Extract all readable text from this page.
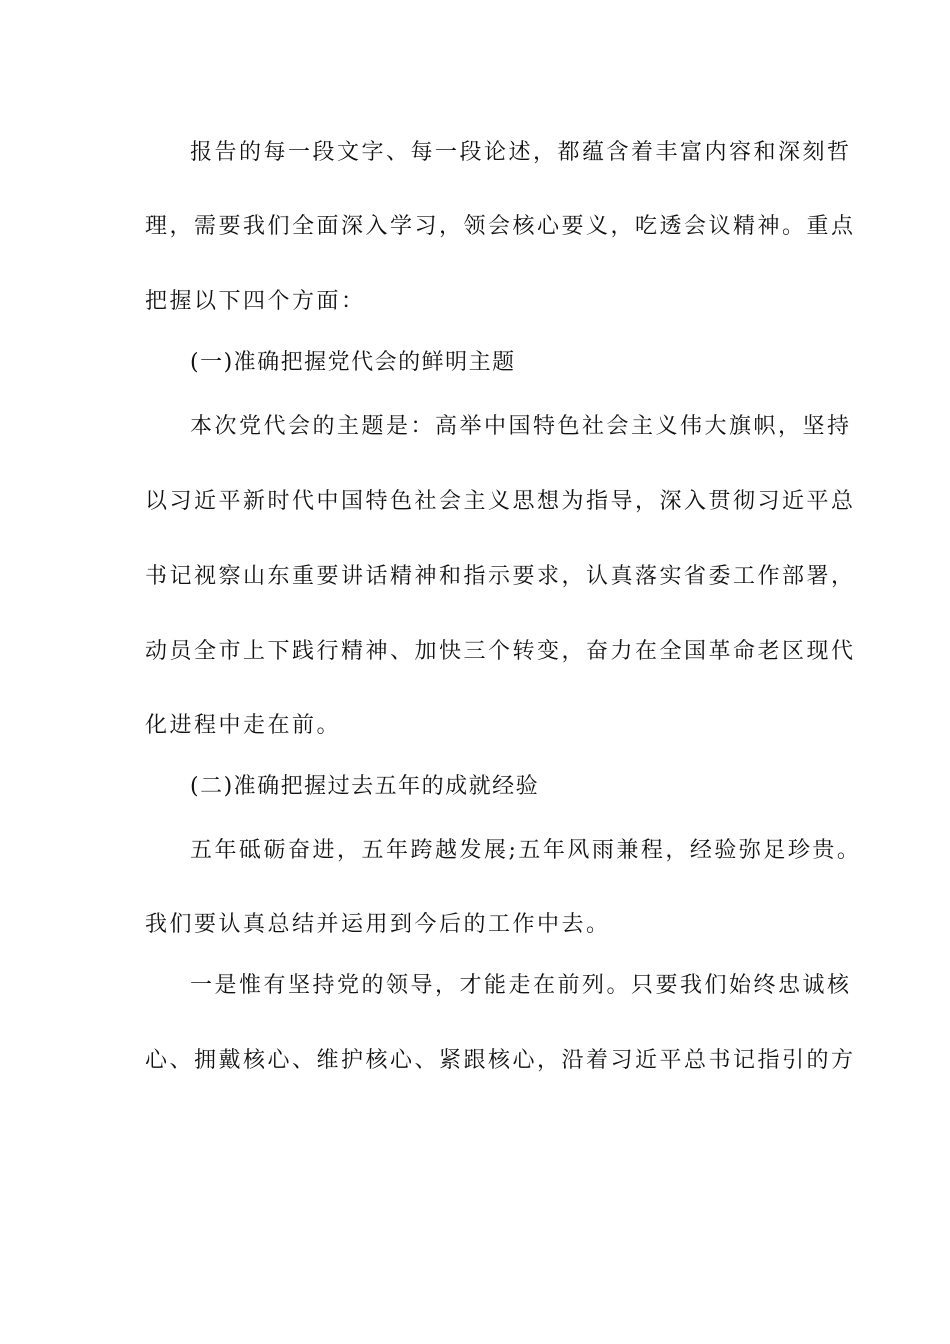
报告的每一段文字、每一段论述，都蕴含着丰富内容和深刻哲
理，需要我们全面深入学习，领会核心要义，吃透会议精神。重点
把握以下四个方面：
(一)准确把握党代会的鲜明主题
本次党代会的主题是：高举中国特色社会主义伟大旗帜，坚持
以习近平新时代中国特色社会主义思想为指导，深入贯彻习近平总
书记视察山东重要讲话精神和指示要求，认真落实省委工作部署，
动员全市上下践行精神、加快三个转变，奋力在全国革命老区现代
化进程中走在前。
(二)准确把握过去五年的成就经验
五年砥砺奋进，五年跨越发展;五年风雨兼程，经验弥足珍贵。
我们要认真总结并运用到今后的工作中去。
一是惟有坚持党的领导，才能走在前列。只要我们始终忠诚核
心、拥戴核心、维护核心、紧跟核心，沿着习近平总书记指引的方
